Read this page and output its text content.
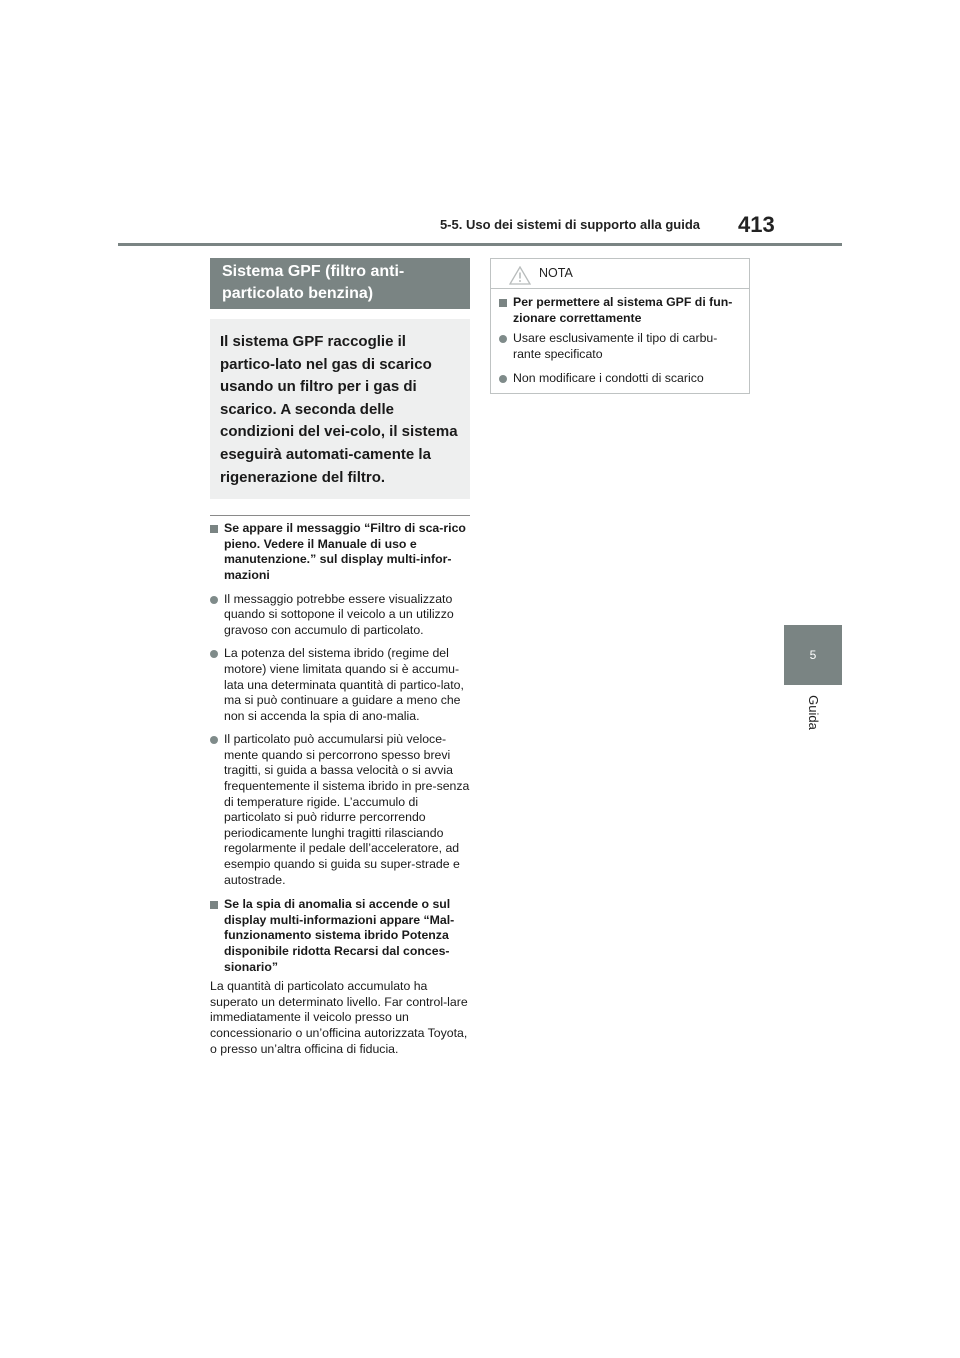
5-5. Uso dei sistemi di supporto alla guida 413
5
Guida
Sistema GPF (filtro anti-
particolato benzina)
Il sistema GPF raccoglie il partico-lato nel gas di scarico usando un filtro per i gas di scarico. A seconda delle condizioni del vei-colo, il sistema eseguirà automati-camente la rigenerazione del filtro.
Se appare il messaggio “Filtro di sca-rico pieno. Vedere il Manuale di uso e manutenzione.” sul display multi-infor-mazioni
Il messaggio potrebbe essere visualizzato quando si sottopone il veicolo a un utilizzo gravoso con accumulo di particolato.
La potenza del sistema ibrido (regime del motore) viene limitata quando si è accumu-lata una determinata quantità di partico-lato, ma si può continuare a guidare a meno che non si accenda la spia di ano-malia.
Il particolato può accumularsi più veloce-mente quando si percorrono spesso brevi tragitti, si guida a bassa velocità o si avvia frequentemente il sistema ibrido in pre-senza di temperature rigide. L’accumulo di particolato si può ridurre percorrendo periodicamente lunghi tragitti rilasciando regolarmente il pedale dell’acceleratore, ad esempio quando si guida su super-strade e autostrade.
Se la spia di anomalia si accende o sul display multi-informazioni appare “Mal-funzionamento sistema ibrido Potenza disponibile ridotta Recarsi dal conces-sionario”
La quantità di particolato accumulato ha superato un determinato livello. Far control-lare immediatamente il veicolo presso un concessionario o un’officina autorizzata Toyota, o presso un’altra officina di fiducia.
NOTA
Per permettere al sistema GPF di fun-zionare correttamente
Usare esclusivamente il tipo di carbu-rante specificato
Non modificare i condotti di scarico
